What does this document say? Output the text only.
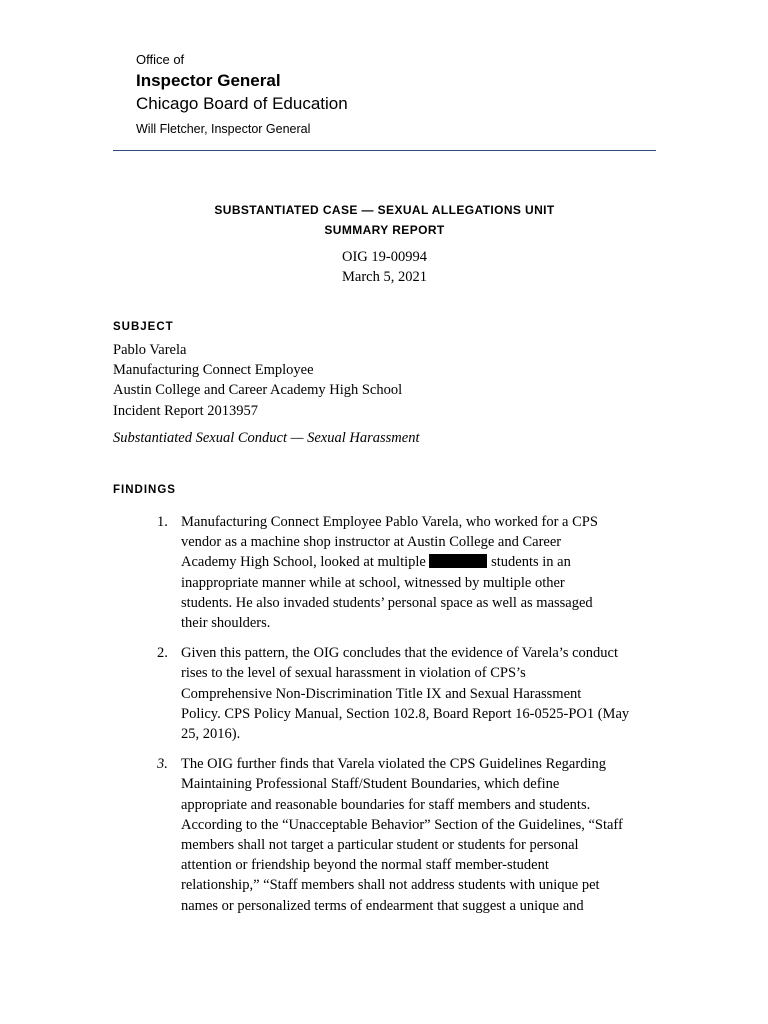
Office of
Inspector General
Chicago Board of Education
Will Fletcher, Inspector General
SUBSTANTIATED CASE — SEXUAL ALLEGATIONS UNIT
SUMMARY REPORT
OIG 19-00994
March 5, 2021
SUBJECT
Pablo Varela
Manufacturing Connect Employee
Austin College and Career Academy High School
Incident Report 2013957
Substantiated Sexual Conduct — Sexual Harassment
FINDINGS
1. Manufacturing Connect Employee Pablo Varela, who worked for a CPS
vendor as a machine shop instructor at Austin College and Career
Academy High School, looked at multiple	students in an
inappropriate manner while at school, witnessed by multiple other
students. He also invaded students’ personal space as well as massaged
their shoulders.
2. Given this pattern, the OIG concludes that the evidence of Varela’s conduct
rises to the level of sexual harassment in violation of CPS’s
Comprehensive Non-Discrimination Title IX and Sexual Harassment
Policy. CPS Policy Manual, Section 102.8, Board Report 16-0525-PO1 (May
25, 2016).
3. The OIG further finds that Varela violated the CPS Guidelines Regarding
Maintaining Professional Staff/Student Boundaries, which define
appropriate and reasonable boundaries for staff members and students.
According to the “Unacceptable Behavior” Section of the Guidelines, “Staff
members shall not target a particular student or students for personal
attention or friendship beyond the normal staff member-student
relationship,” “Staff members shall not address students with unique pet
names or personalized terms of endearment that suggest a unique and
